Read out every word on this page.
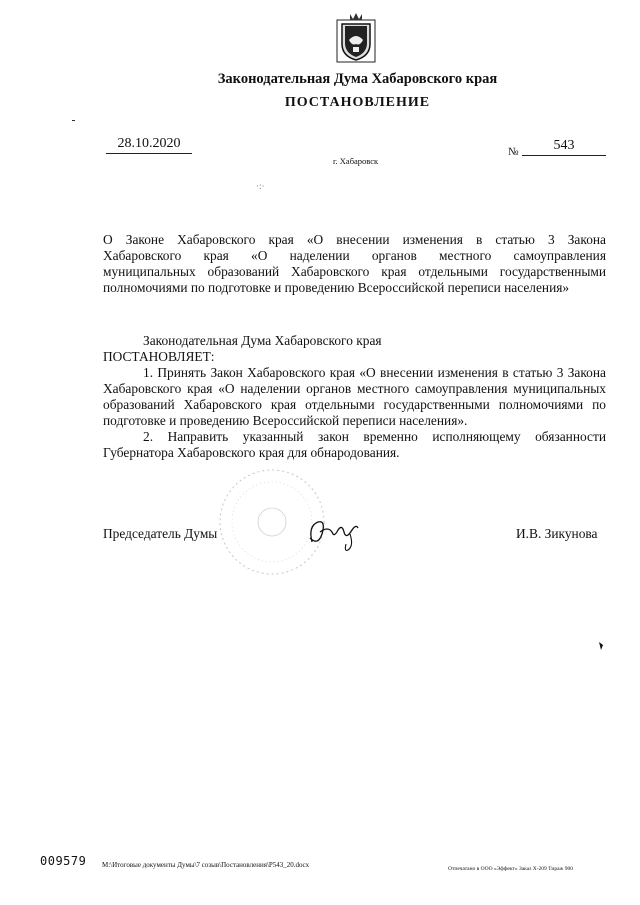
Законодательная Дума Хабаровского края
ПОСТАНОВЛЕНИЕ
28.10.2020
№	543
г. Хабаровск
·:·
О Законе Хабаровского края «О внесении изменения в статью 3 Закона
Хабаровского края «О наделении органов местного самоуправления
муниципальных образований Хабаровского края отдельными государственными
полномочиями по подготовке и проведению Всероссийской переписи населения»
Законодательная Дума Хабаровского края
ПОСТАНОВЛЯЕТ:
1. Принять Закон Хабаровского края «О внесении изменения в статью 3 Закона Хабаровского края «О наделении органов местного самоуправления муниципальных образований Хабаровского края отдельными государственными полномочиями по подготовке и проведению Всероссийской переписи населения».
2. Направить указанный закон временно исполняющему обязанности Губернатора Хабаровского края для обнародования.
Председатель Думы	И.В. Зикунова
009579 М:\Итоговые документы Думы\7 созыв\Постановления\Р543_20.docx	Отпечатано в ООО «Эффект» Заказ Х-209 Тираж 900
